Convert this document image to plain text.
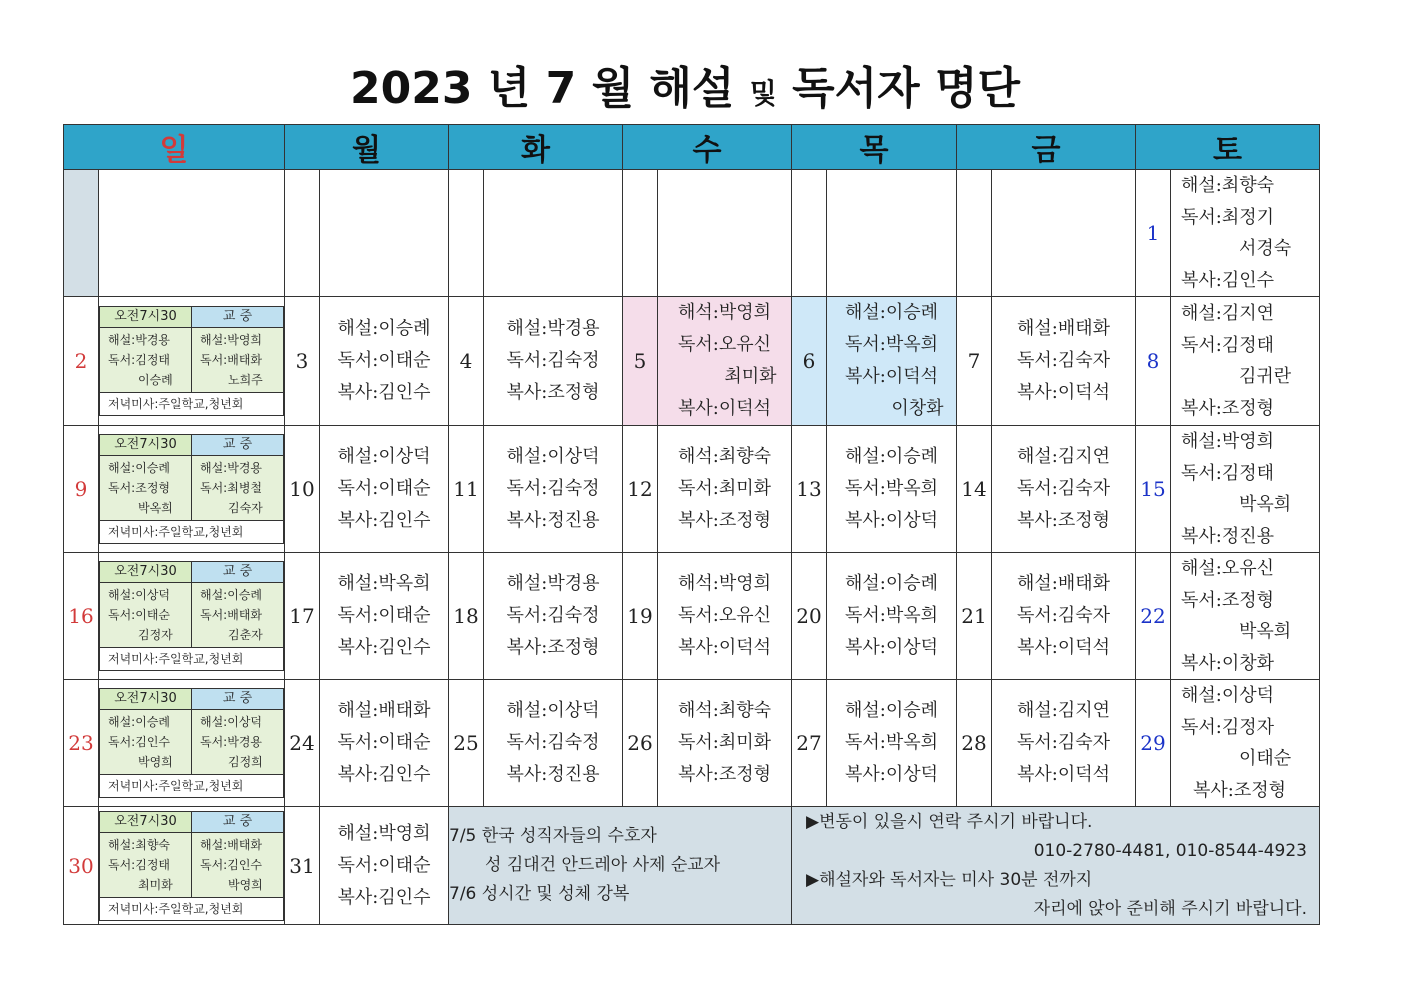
2023 년 7 월 해설 및 독서자 명단
일	월	화	수	목	금	토
												1	
해설:최향숙
독서:최정기
서경숙
복사:김인수

2	
오전7시30	교 중

해설:박경용
독서:김정태
이승례

해설:박영희
독서:배태화
노희주

저녁미사:주일학교,청년회
	3	
해설:이승례
독서:이태순
복사:김인수
	4	
해설:박경용
독서:김숙정
복사:조정형
	5	
해석:박영희
독서:오유신
최미화
복사:이덕석
	6	
해설:이승례
독서:박옥희
복사:이덕석
이창화
	7	
해설:배태화
독서:김숙자
복사:이덕석
	8	
해설:김지연
독서:김정태
김귀란
복사:조정형

9	
오전7시30	교 중

해설:이승례
독서:조정형
박옥희

해설:박경용
독서:최병철
김숙자

저녁미사:주일학교,청년회
	10	
해설:이상덕
독서:이태순
복사:김인수
	11	
해설:이상덕
독서:김숙정
복사:정진용
	12	
해석:최향숙
독서:최미화
복사:조정형
	13	
해설:이승례
독서:박옥희
복사:이상덕
	14	
해설:김지연
독서:김숙자
복사:조정형
	15	
해설:박영희
독서:김정태
박옥희
복사:정진용

16	
오전7시30	교 중

해설:이상덕
독서:이태순
김정자

해설:이승례
독서:배태화
김춘자

저녁미사:주일학교,청년회
	17	
해설:박옥희
독서:이태순
복사:김인수
	18	
해설:박경용
독서:김숙정
복사:조정형
	19	
해석:박영희
독서:오유신
복사:이덕석
	20	
해설:이승례
독서:박옥희
복사:이상덕
	21	
해설:배태화
독서:김숙자
복사:이덕석
	22	
해설:오유신
독서:조정형
박옥희
복사:이창화

23	
오전7시30	교 중

해설:이승례
독서:김인수
박영희

해설:이상덕
독서:박경용
김정희

저녁미사:주일학교,청년회
	24	
해설:배태화
독서:이태순
복사:김인수
	25	
해설:이상덕
독서:김숙정
복사:정진용
	26	
해석:최향숙
독서:최미화
복사:조정형
	27	
해설:이승례
독서:박옥희
복사:이상덕
	28	
해설:김지연
독서:김숙자
복사:이덕석
	29	
해설:이상덕
독서:김정자
이태순
복사:조정형

30	
오전7시30	교 중

해설:최향숙
독서:김정태
최미화

해설:배태화
독서:김인수
박영희

저녁미사:주일학교,청년회
	31	
해설:박영희
독서:이태순
복사:김인수

7/5 한국 성직자들의 수호자
성 김대건 안드레아 사제 순교자
7/6 성시간 및 성체 강복

▶변동이 있을시 연락 주시기 바랍니다.
010-2780-4481, 010-8544-4923
▶해설자와 독서자는 미사 30분 전까지
자리에 앉아 준비해 주시기 바랍니다.
